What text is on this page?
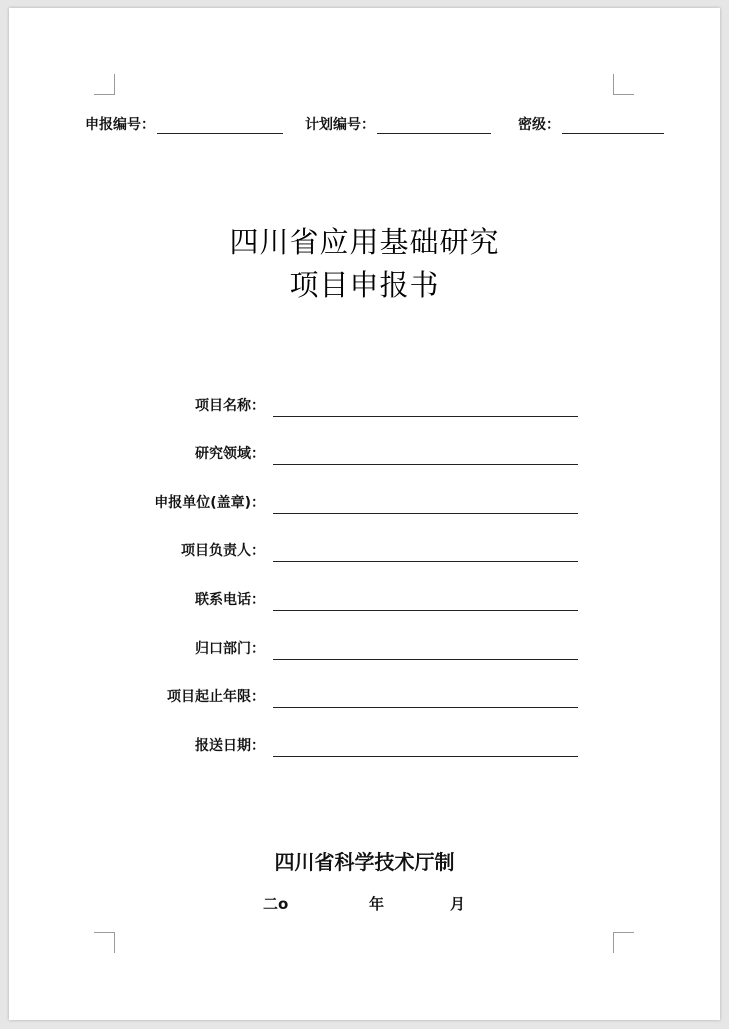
申报编号：	计划编号：	密级：
四川省应用基础研究
项目申报书
项目名称：
研究领域：
申报单位(盖章)：
项目负责人：
联系电话：
归口部门：
项目起止年限：
报送日期：
四川省科学技术厅制
二o	年	月
